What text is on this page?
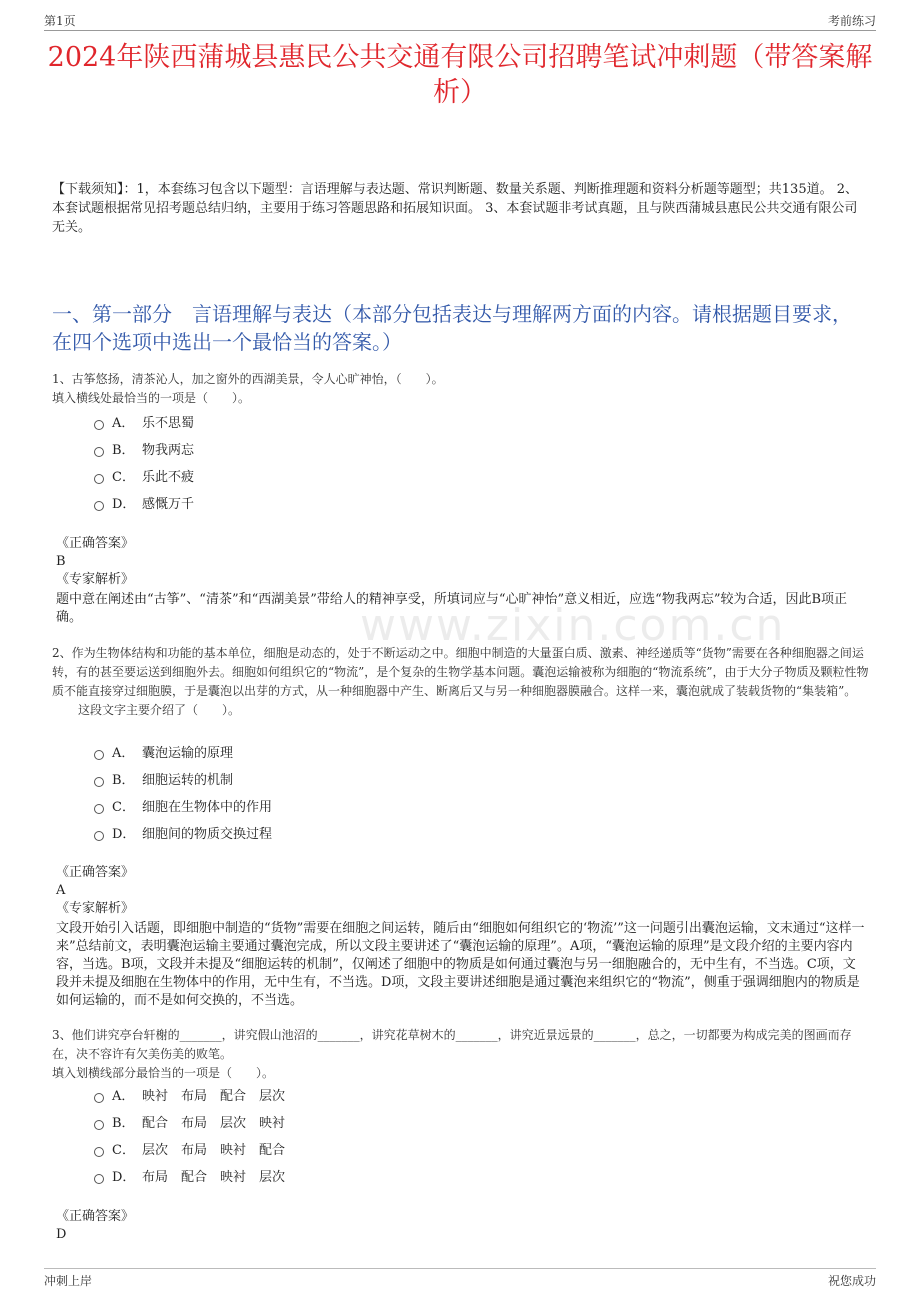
第1页	考前练习
2024年陕西蒲城县惠民公共交通有限公司招聘笔试冲刺题（带答案解析）
【下载须知】：1，本套练习包含以下题型：言语理解与表达题、常识判断题、数量关系题、判断推理题和资料分析题等题型；共135道。 2、本套试题根据常见招考题总结归纳，主要用于练习答题思路和拓展知识面。 3、本套试题非考试真题，且与陕西蒲城县惠民公共交通有限公司无关。
一、第一部分　言语理解与表达（本部分包括表达与理解两方面的内容。请根据题目要求，在四个选项中选出一个最恰当的答案。）
www.zixin.com.cn

1、古筝悠扬，清茶沁人，加之窗外的西湖美景，令人心旷神怡，（　　）。

填入横线处最恰当的一项是（　　）。

A． 乐不思蜀
B． 物我两忘
C． 乐此不疲
D． 感慨万千

《正确答案》

B

《专家解析》

题中意在阐述由“古筝”、“清茶”和“西湖美景”带给人的精神享受，所填词应与“心旷神怡”意义相近，应选“物我两忘”较为合适，因此B项正确。

2、作为生物体结构和功能的基本单位，细胞是动态的，处于不断运动之中。细胞中制造的大量蛋白质、激素、神经递质等“货物”需要在各种细胞器之间运转，有的甚至要运送到细胞外去。细胞如何组织它的“物流”，是个复杂的生物学基本问题。囊泡运输被称为细胞的“物流系统”，由于大分子物质及颗粒性物质不能直接穿过细胞膜，于是囊泡以出芽的方式，从一种细胞器中产生、断离后又与另一种细胞器膜融合。这样一来，囊泡就成了装载货物的“集装箱”。

这段文字主要介绍了（　　）。

A． 囊泡运输的原理
B． 细胞运转的机制
C． 细胞在生物体中的作用
D． 细胞间的物质交换过程

《正确答案》

A

《专家解析》

文段开始引入话题，即细胞中制造的“货物”需要在细胞之间运转，随后由“细胞如何组织它的‘物流’”这一问题引出囊泡运输，文末通过“这样一来”总结前文，表明囊泡运输主要通过囊泡完成，所以文段主要讲述了“囊泡运输的原理”。A项，“囊泡运输的原理”是文段介绍的主要内容内容，当选。B项，文段并未提及“细胞运转的机制”，仅阐述了细胞中的物质是如何通过囊泡与另一细胞融合的，无中生有，不当选。C项，文段并未提及细胞在生物体中的作用，无中生有，不当选。D项，文段主要讲述细胞是通过囊泡来组织它的“物流”，侧重于强调细胞内的物质是如何运输的，而不是如何交换的，不当选。

3、他们讲究亭台轩榭的_______，讲究假山池沼的_______，讲究花草树木的_______，讲究近景远景的_______，总之，一切都要为构成完美的图画而存在，决不容许有欠美伤美的败笔。

填入划横线部分最恰当的一项是（　　）。

A． 映衬　布局　配合　层次
B． 配合　布局　层次　映衬
C． 层次　布局　映衬　配合
D． 布局　配合　映衬　层次

《正确答案》

D

冲刺上岸	祝您成功
